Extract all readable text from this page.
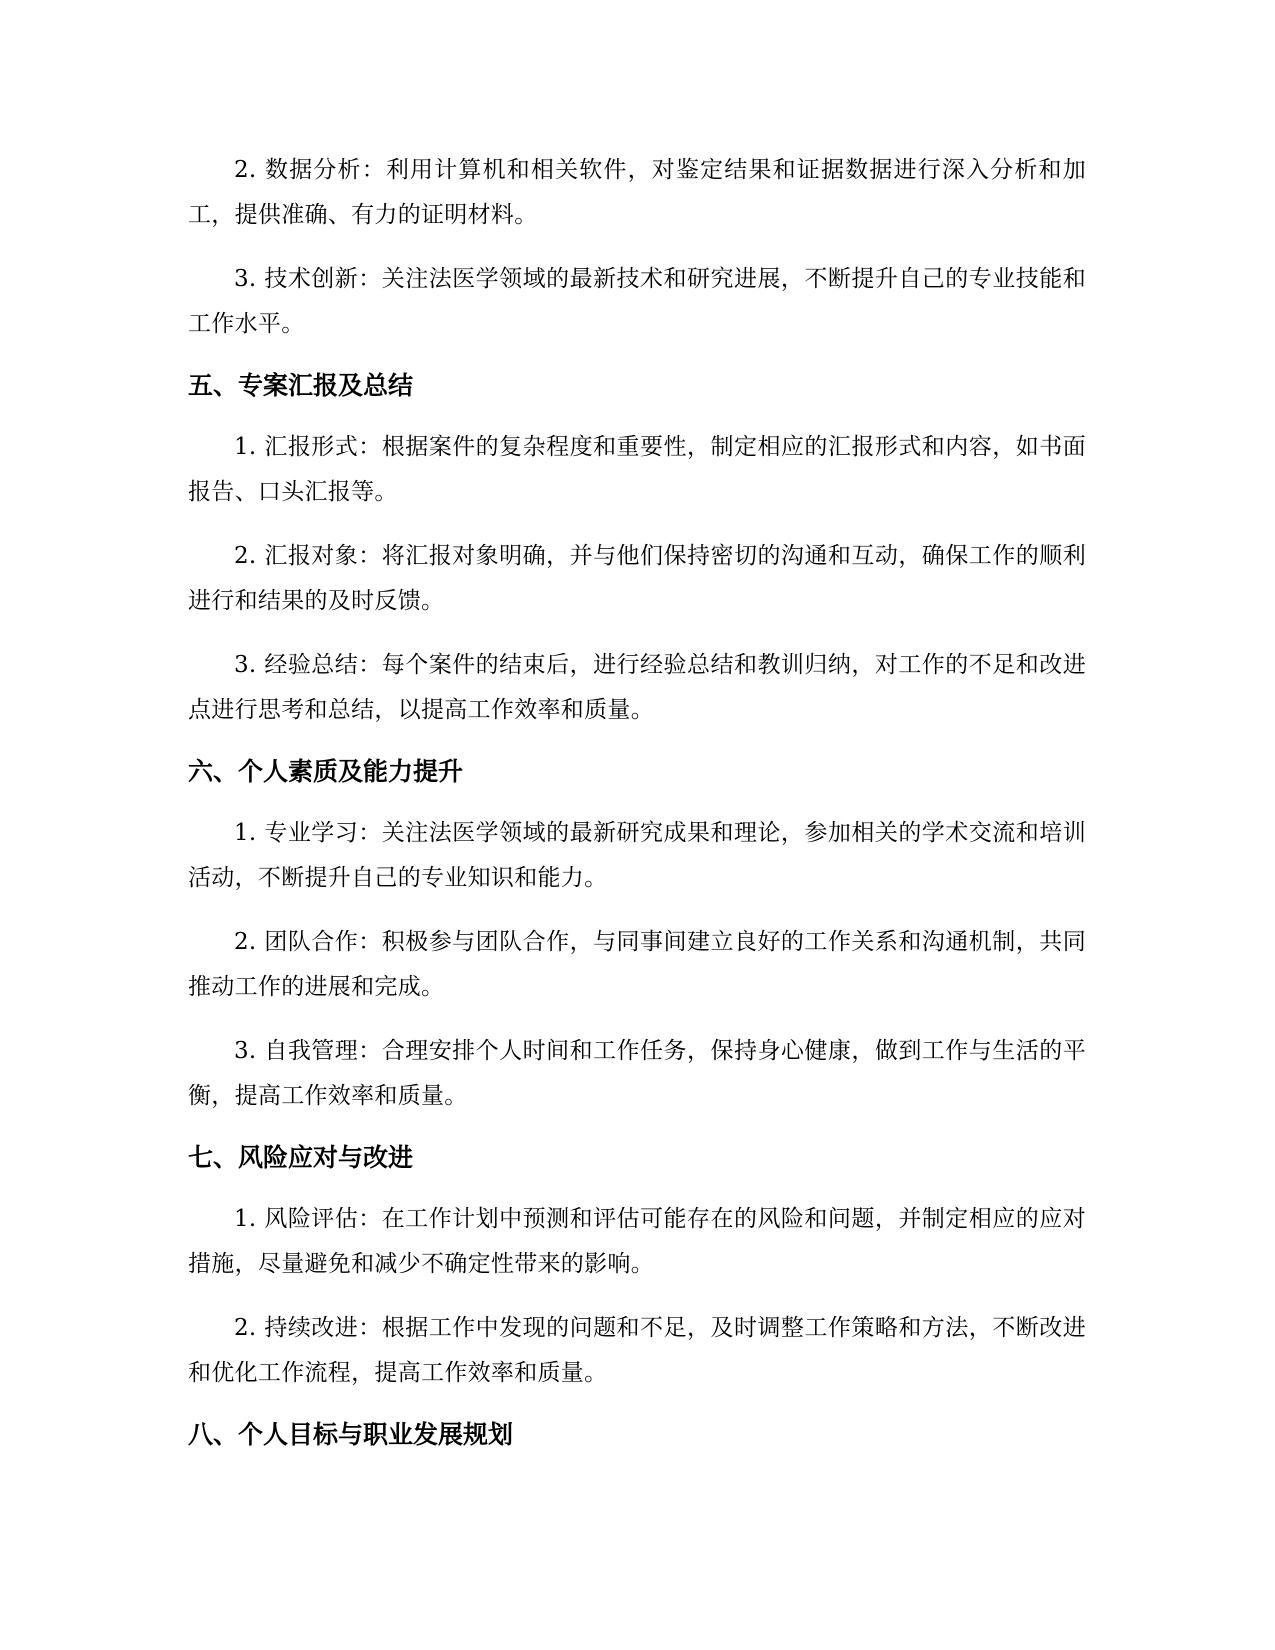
2. 数据分析：利用计算机和相关软件，对鉴定结果和证据数据进行深入分析和加工，提供准确、有力的证明材料。

3. 技术创新：关注法医学领域的最新技术和研究进展，不断提升自己的专业技能和工作水平。

五、专案汇报及总结

1. 汇报形式：根据案件的复杂程度和重要性，制定相应的汇报形式和内容，如书面报告、口头汇报等。

2. 汇报对象：将汇报对象明确，并与他们保持密切的沟通和互动，确保工作的顺利进行和结果的及时反馈。

3. 经验总结：每个案件的结束后，进行经验总结和教训归纳，对工作的不足和改进点进行思考和总结，以提高工作效率和质量。

六、个人素质及能力提升

1. 专业学习：关注法医学领域的最新研究成果和理论，参加相关的学术交流和培训活动，不断提升自己的专业知识和能力。

2. 团队合作：积极参与团队合作，与同事间建立良好的工作关系和沟通机制，共同推动工作的进展和完成。

3. 自我管理：合理安排个人时间和工作任务，保持身心健康，做到工作与生活的平衡，提高工作效率和质量。

七、风险应对与改进

1. 风险评估：在工作计划中预测和评估可能存在的风险和问题，并制定相应的应对措施，尽量避免和减少不确定性带来的影响。

2. 持续改进：根据工作中发现的问题和不足，及时调整工作策略和方法，不断改进和优化工作流程，提高工作效率和质量。

八、个人目标与职业发展规划
